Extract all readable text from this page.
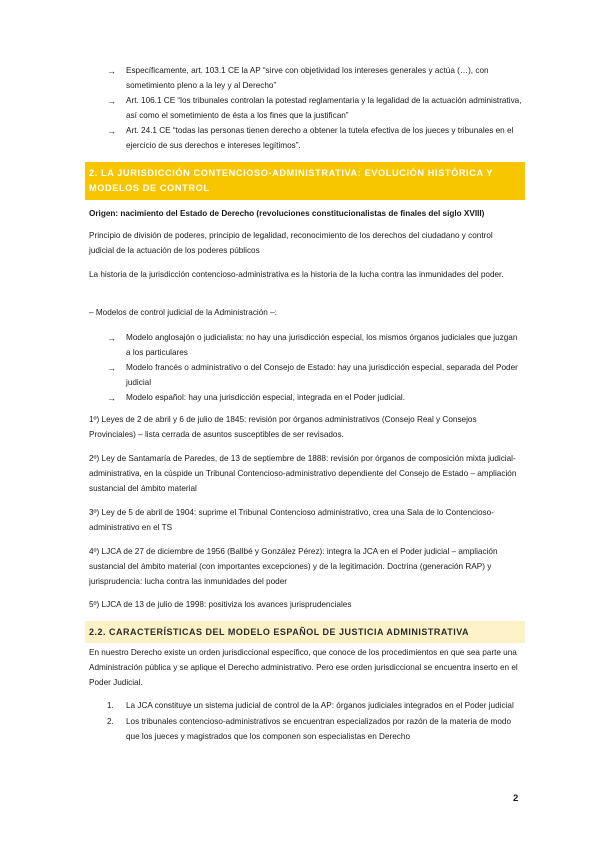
→ Específicamente, art. 103.1 CE la AP “sirve con objetividad los intereses generales y actúa (…), con sometimiento pleno a la ley y al Derecho”
→ Art. 106.1 CE “los tribunales controlan la potestad reglamentaria y la legalidad de la actuación administrativa, así como el sometimiento de ésta a los fines que la justifican”
→ Art. 24.1 CE “todas las personas tienen derecho a obtener la tutela efectiva de los jueces y tribunales en el ejercicio de sus derechos e intereses legítimos”.
2. LA JURISDICCIÓN CONTENCIOSO-ADMINISTRATIVA: EVOLUCIÓN HISTÓRICA Y MODELOS DE CONTROL
Origen: nacimiento del Estado de Derecho (revoluciones constitucionalistas de finales del siglo XVIII)
Principio de división de poderes, principio de legalidad, reconocimiento de los derechos del ciudadano y control judicial de la actuación de los poderes públicos
La historia de la jurisdicción contencioso-administrativa es la historia de la lucha contra las inmunidades del poder.
– Modelos de control judicial de la Administración –:
→ Modelo anglosajón o judicialista: no hay una jurisdicción especial, los mismos órganos judiciales que juzgan a los particulares
→ Modelo francés o administrativo o del Consejo de Estado: hay una jurisdicción especial, separada del Poder judicial
→ Modelo español: hay una jurisdicción especial, integrada en el Poder judicial.
1º) Leyes de 2 de abril y 6 de julio de 1845: revisión por órganos administrativos (Consejo Real y Consejos Provinciales) – lista cerrada de asuntos susceptibles de ser revisados.
2º) Ley de Santamaría de Paredes, de 13 de septiembre de 1888: revisión por órganos de composición mixta judicial-administrativa, en la cúspide un Tribunal Contencioso-administrativo dependiente del Consejo de Estado – ampliación sustancial del ámbito material
3º) Ley de 5 de abril de 1904: suprime el Tribunal Contencioso administrativo, crea una Sala de lo Contencioso-administrativo en el TS
4º) LJCA de 27 de diciembre de 1956 (Ballbé y González Pérez): integra la JCA en el Poder judicial – ampliación sustancial del ámbito material (con importantes excepciones) y de la legitimación. Doctrina (generación RAP) y jurisprudencia: lucha contra las inmunidades del poder
5º) LJCA de 13 de julio de 1998: positiviza los avances jurisprudenciales
2.2. CARACTERÍSTICAS DEL MODELO ESPAÑOL DE JUSTICIA ADMINISTRATIVA
En nuestro Derecho existe un orden jurisdiccional específico, que conoce de los procedimientos en que sea parte una Administración pública y se aplique el Derecho administrativo. Pero ese orden jurisdiccional se encuentra inserto en el Poder Judicial.
1. La JCA constituye un sistema judicial de control de la AP: órganos judiciales integrados en el Poder judicial
2. Los tribunales contencioso-administrativos se encuentran especializados por razón de la materia de modo que los jueces y magistrados que los componen son especialistas en Derecho
2
